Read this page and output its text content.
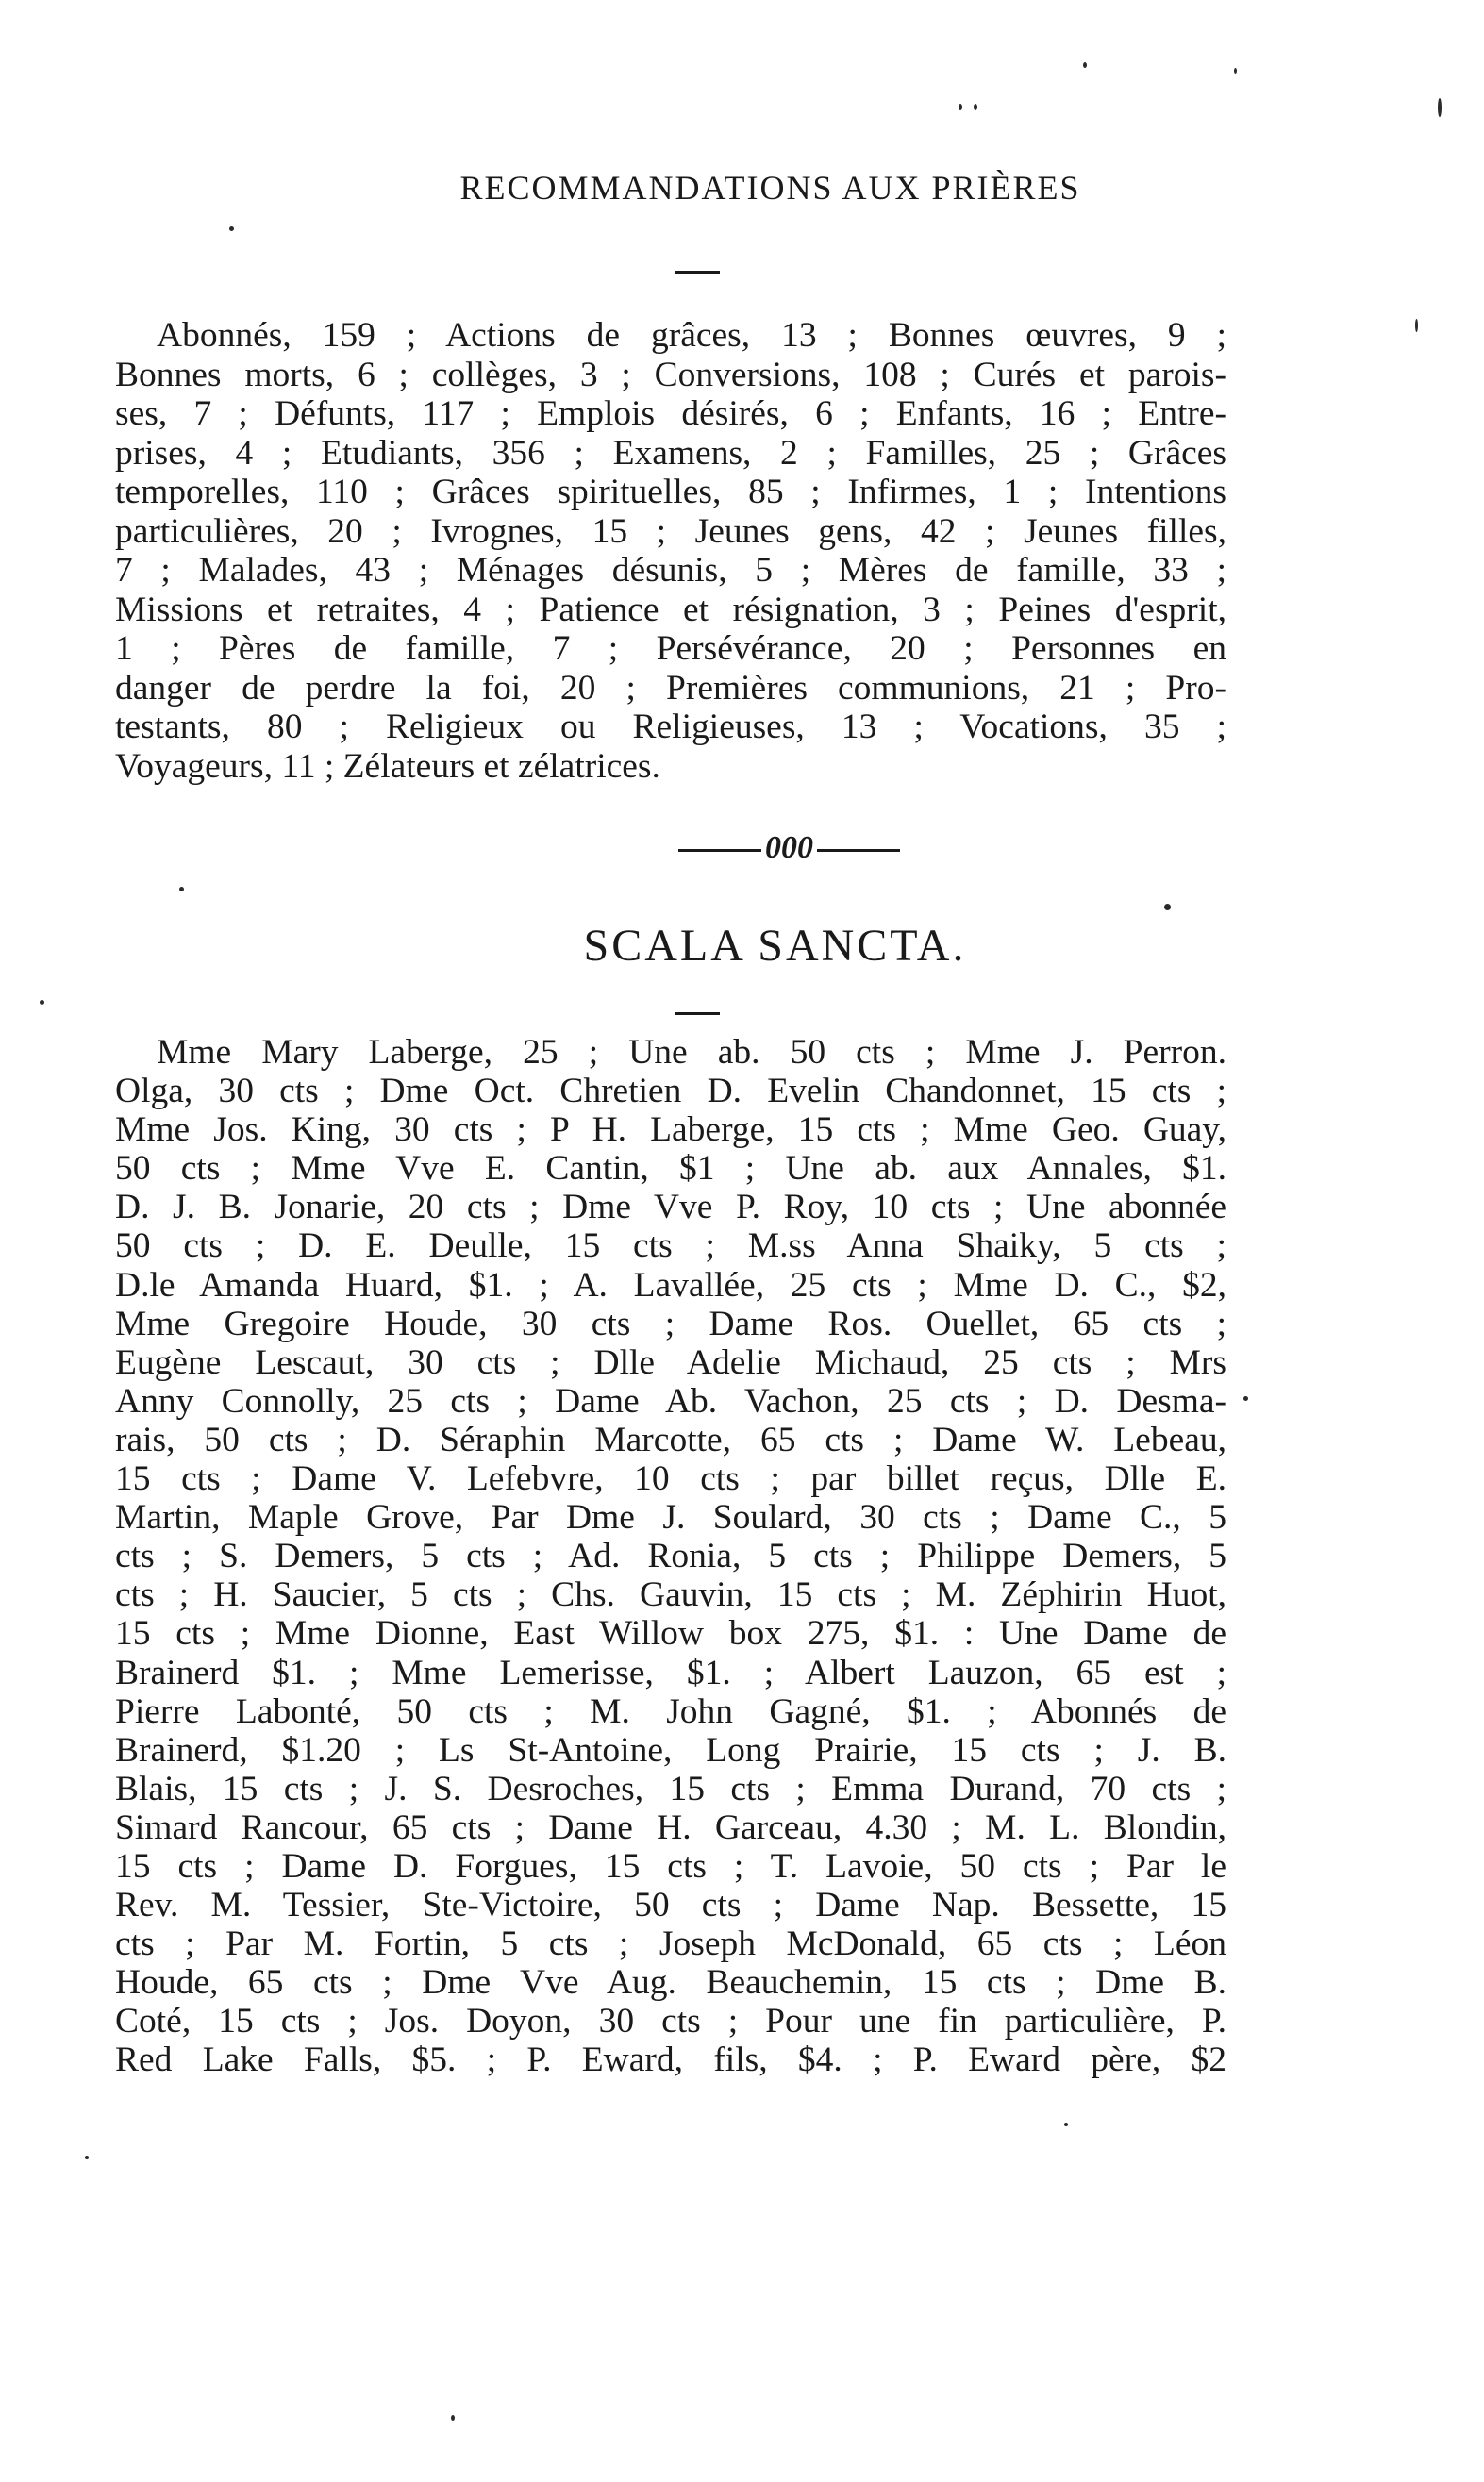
RECOMMANDATIONS AUX PRIÈRES
Abonnés, 159 ; Actions de grâces, 13 ; Bonnes œuvres, 9 ;
Bonnes morts, 6 ; collèges, 3 ; Conversions, 108 ; Curés et parois-
ses, 7 ; Défunts, 117 ; Emplois désirés, 6 ; Enfants, 16 ; Entre-
prises, 4 ; Etudiants, 356 ; Examens, 2 ; Familles, 25 ; Grâces
temporelles, 110 ; Grâces spirituelles, 85 ; Infirmes, 1 ; Intentions
particulières, 20 ; Ivrognes, 15 ; Jeunes gens, 42 ; Jeunes filles,
7 ; Malades, 43 ; Ménages désunis, 5 ; Mères de famille, 33 ;
Missions et retraites, 4 ; Patience et résignation, 3 ; Peines d'esprit,
1 ; Pères de famille, 7 ; Persévérance, 20 ; Personnes en
danger de perdre la foi, 20 ; Premières communions, 21 ; Pro-
testants, 80 ; Religieux ou Religieuses, 13 ; Vocations, 35 ;
Voyageurs, 11 ; Zélateurs et zélatrices.
000
SCALA SANCTA.
Mme Mary Laberge, 25 ; Une ab. 50 cts ; Mme J. Perron.
Olga, 30 cts ; Dme Oct. Chretien D. Evelin Chandonnet, 15 cts ;
Mme Jos. King, 30 cts ; P H. Laberge, 15 cts ; Mme Geo. Guay,
50 cts ; Mme Vve E. Cantin, $1 ; Une ab. aux Annales, $1.
D. J. B. Jonarie, 20 cts ; Dme Vve P. Roy, 10 cts ; Une abonnée
50 cts ; D. E. Deulle, 15 cts ; M.ss Anna Shaiky, 5 cts ;
D.le Amanda Huard, $1. ; A. Lavallée, 25 cts ; Mme D. C., $2,
Mme Gregoire Houde, 30 cts ; Dame Ros. Ouellet, 65 cts ;
Eugène Lescaut, 30 cts ; Dlle Adelie Michaud, 25 cts ; Mrs
Anny Connolly, 25 cts ; Dame Ab. Vachon, 25 cts ; D. Desma-
rais, 50 cts ; D. Séraphin Marcotte, 65 cts ; Dame W. Lebeau,
15 cts ; Dame V. Lefebvre, 10 cts ; par billet reçus, Dlle E.
Martin, Maple Grove, Par Dme J. Soulard, 30 cts ; Dame C., 5
cts ; S. Demers, 5 cts ; Ad. Ronia, 5 cts ; Philippe Demers, 5
cts ; H. Saucier, 5 cts ; Chs. Gauvin, 15 cts ; M. Zéphirin Huot,
15 cts ; Mme Dionne, East Willow box 275, $1. : Une Dame de
Brainerd $1. ; Mme Lemerisse, $1. ; Albert Lauzon, 65 est ;
Pierre Labonté, 50 cts ; M. John Gagné, $1. ; Abonnés de
Brainerd, $1.20 ; Ls St-Antoine, Long Prairie, 15 cts ; J. B.
Blais, 15 cts ; J. S. Desroches, 15 cts ; Emma Durand, 70 cts ;
Simard Rancour, 65 cts ; Dame H. Garceau, 4.30 ; M. L. Blondin,
15 cts ; Dame D. Forgues, 15 cts ; T. Lavoie, 50 cts ; Par le
Rev. M. Tessier, Ste-Victoire, 50 cts ; Dame Nap. Bessette, 15
cts ; Par M. Fortin, 5 cts ; Joseph McDonald, 65 cts ; Léon
Houde, 65 cts ; Dme Vve Aug. Beauchemin, 15 cts ; Dme B.
Coté, 15 cts ; Jos. Doyon, 30 cts ; Pour une fin particulière, P.
Red Lake Falls, $5. ; P. Eward, fils, $4. ; P. Eward père, $2
